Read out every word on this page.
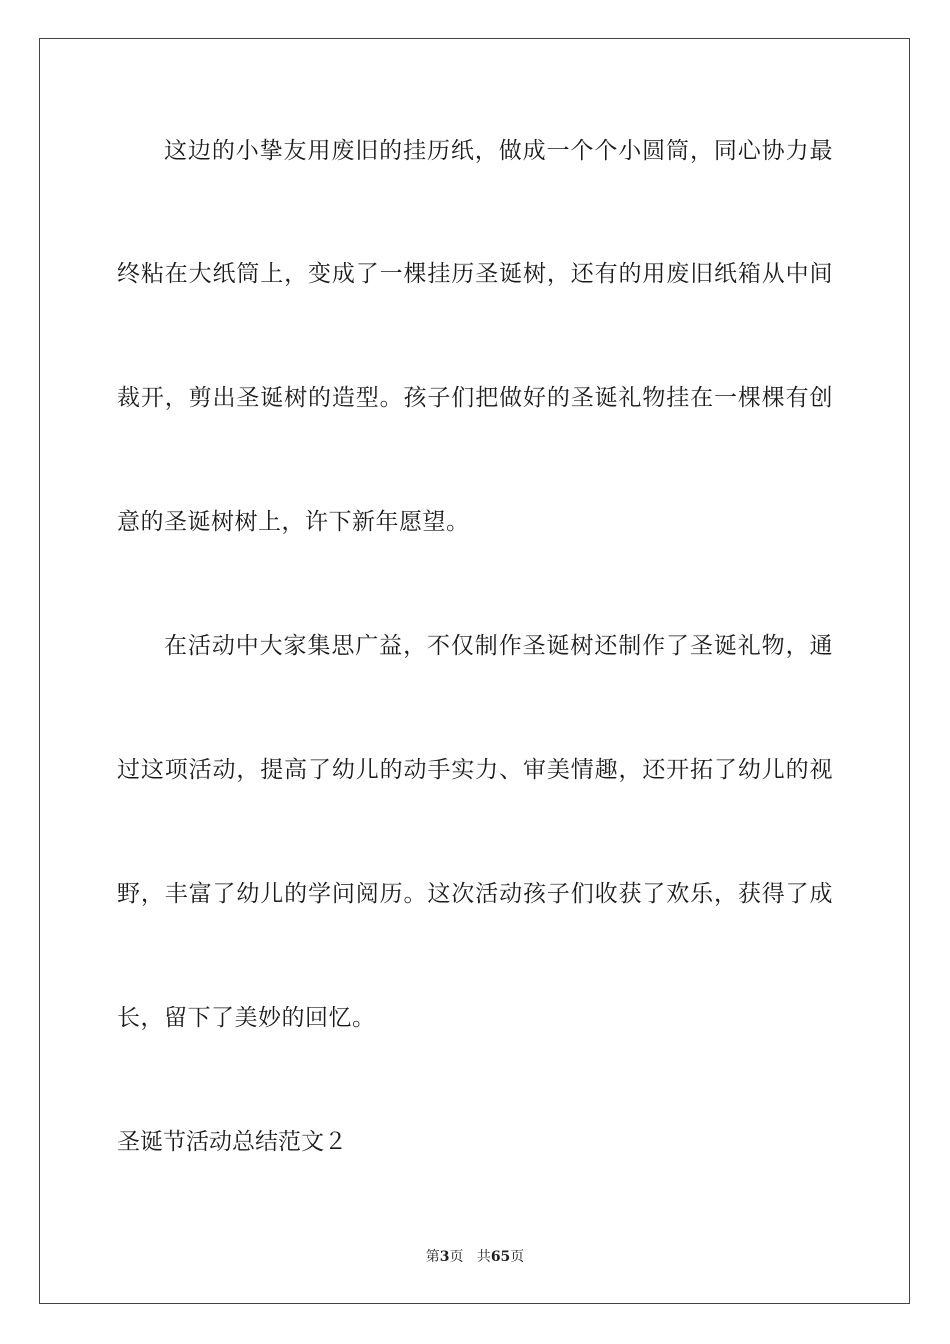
这边的小挚友用废旧的挂历纸，做成一个个小圆筒，同心协力最
终粘在大纸筒上，变成了一棵挂历圣诞树，还有的用废旧纸箱从中间
裁开，剪出圣诞树的造型。孩子们把做好的圣诞礼物挂在一棵棵有创
意的圣诞树树上，许下新年愿望。
在活动中大家集思广益，不仅制作圣诞树还制作了圣诞礼物，通
过这项活动，提高了幼儿的动手实力、审美情趣，还开拓了幼儿的视
野，丰富了幼儿的学问阅历。这次活动孩子们收获了欢乐，获得了成
长，留下了美妙的回忆。
圣诞节活动总结范文２
第3页 共65页
